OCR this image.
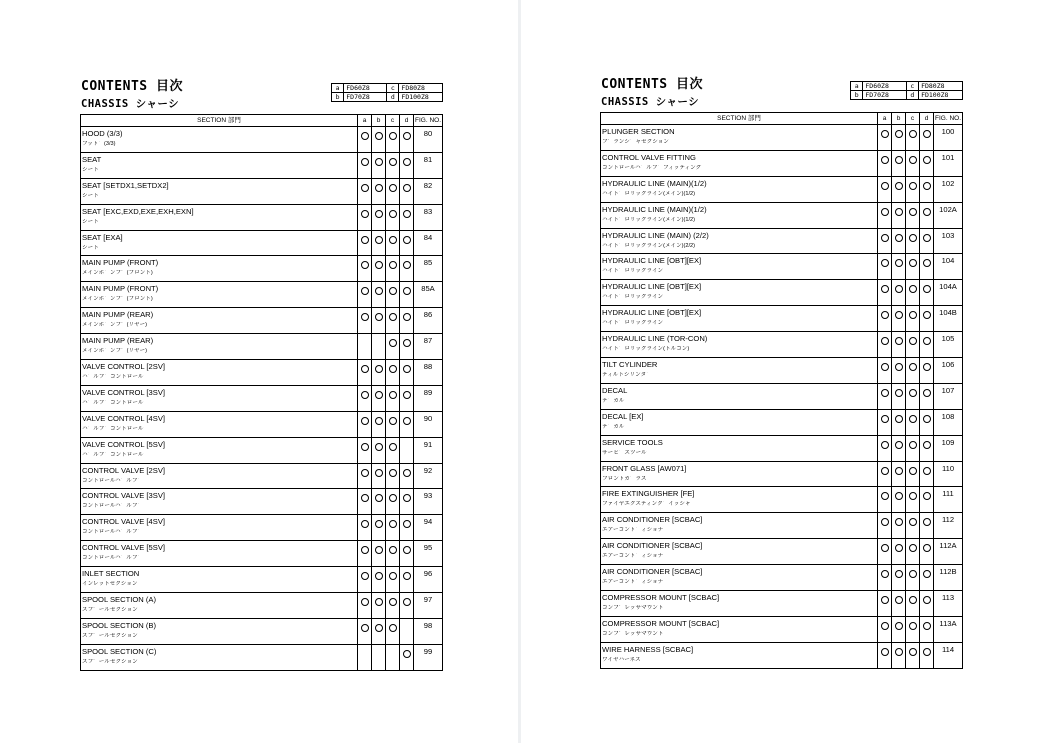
CONTENTS 目次
CHASSIS シャーシ
a	FD60Z8	c	FD80Z8
b	FD70Z8	d	FD100Z8
SECTION 部門	a	b	c	d	FIG. NO.

HOOD (3/3)
フット゛(3/3)					80

SEAT
シート					81

SEAT [SETDX1,SETDX2]
シート					82

SEAT [EXC,EXD,EXE,EXH,EXN]
シート					83

SEAT [EXA]
シート					84

MAIN PUMP (FRONT)
メインホ゛ンフ゜(フロント)					85

MAIN PUMP (FRONT)
メインホ゛ンフ゜(フロント)					85A

MAIN PUMP (REAR)
メインホ゛ンフ゜(リヤー)					86

MAIN PUMP (REAR)
メインホ゛ンフ゜(リヤー)					87

VALVE CONTROL [2SV]
ハ゛ルフ゛コントロール					88

VALVE CONTROL [3SV]
ハ゛ルフ゛コントロール					89

VALVE CONTROL [4SV]
ハ゛ルフ゛コントロール					90

VALVE CONTROL [5SV]
ハ゛ルフ゛コントロール					91

CONTROL VALVE [2SV]
コントロールハ゛ルフ゛					92

CONTROL VALVE [3SV]
コントロールハ゛ルフ゛					93

CONTROL VALVE [4SV]
コントロールハ゛ルフ゛					94

CONTROL VALVE [5SV]
コントロールハ゛ルフ゛					95

INLET SECTION
インレットセクション					96

SPOOL SECTION (A)
スフ゜ールセクション					97

SPOOL SECTION (B)
スフ゜ールセクション					98

SPOOL SECTION (C)
スフ゜ールセクション					99
CONTENTS 目次
CHASSIS シャーシ
a	FD60Z8	c	FD80Z8
b	FD70Z8	d	FD100Z8
SECTION 部門	a	b	c	d	FIG. NO.

PLUNGER SECTION
フ゜ランシ゛ャセクション					100

CONTROL VALVE FITTING
コントロールハ゛ルフ゛フィッティング					101

HYDRAULIC LINE (MAIN)(1/2)
ハイト゛ロリックライン(メイン)(1/2)					102

HYDRAULIC LINE (MAIN)(1/2)
ハイト゛ロリックライン(メイン)(1/2)					102A

HYDRAULIC LINE (MAIN) (2/2)
ハイト゛ロリックライン(メイン)(2/2)					103

HYDRAULIC LINE [OBT][EX]
ハイト゛ロリックライン					104

HYDRAULIC LINE [OBT][EX]
ハイト゛ロリックライン					104A

HYDRAULIC LINE [OBT][EX]
ハイト゛ロリックライン					104B

HYDRAULIC LINE (TOR-CON)
ハイト゛ロリックライン(トルコン)					105

TILT CYLINDER
ティルトシリンタ゛					106

DECAL
テ゛カル					107

DECAL [EX]
テ゛カル					108

SERVICE TOOLS
サーヒ゛スツール					109

FRONT GLASS [AW071]
フロントカ゛ラス					110

FIRE EXTINGUISHER [FE]
ファイヤエクスティンク゛イッシャ					111

AIR CONDITIONER [SCBAC]
エアーコント゛ィショナ					112

AIR CONDITIONER [SCBAC]
エアーコント゛ィショナ					112A

AIR CONDITIONER [SCBAC]
エアーコント゛ィショナ					112B

COMPRESSOR MOUNT [SCBAC]
コンフ゜レッサマウント					113

COMPRESSOR MOUNT [SCBAC]
コンフ゜レッサマウント					113A

WIRE HARNESS [SCBAC]
ワイヤハーネス					114
